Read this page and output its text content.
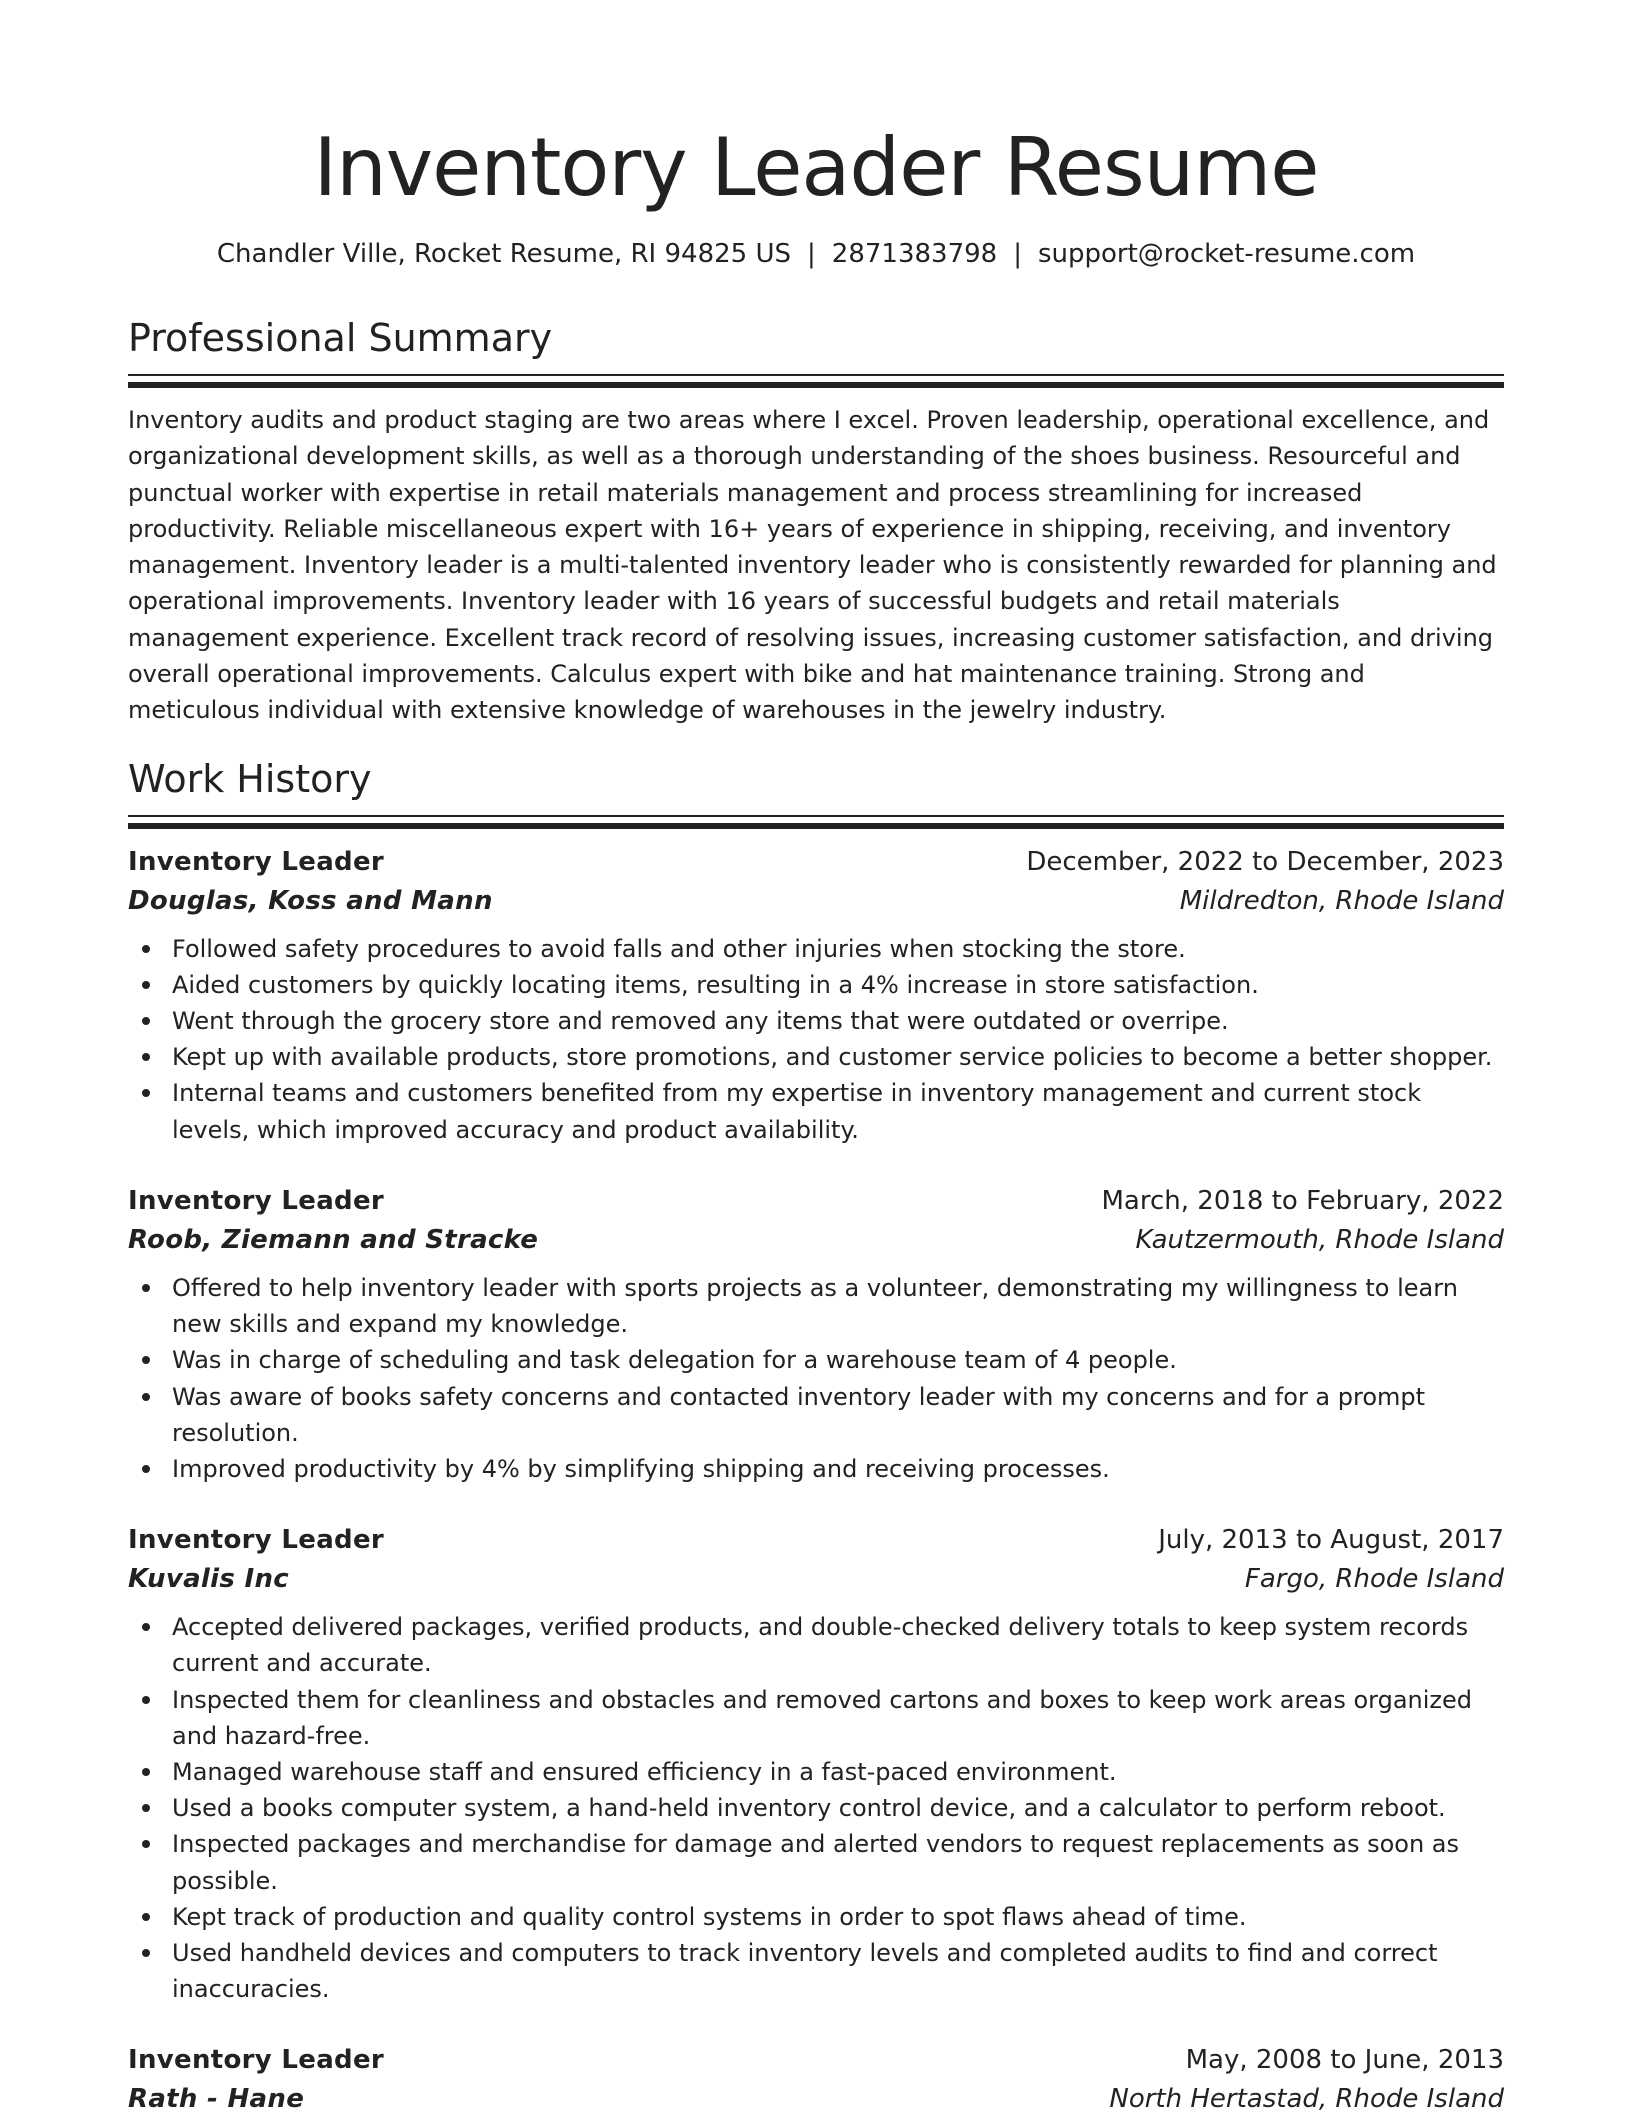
Inventory Leader Resume
Chandler Ville, Rocket Resume, RI 94825 US | 2871383798 | support@rocket-resume.com
Professional Summary

Inventory audits and product staging are two areas where I excel. Proven leadership, operational excellence, and organizational development skills, as well as a thorough understanding of the shoes business. Resourceful and punctual worker with expertise in retail materials management and process streamlining for increased productivity. Reliable miscellaneous expert with 16+ years of experience in shipping, receiving, and inventory management. Inventory leader is a multi-talented inventory leader who is consistently rewarded for planning and operational improvements. Inventory leader with 16 years of successful budgets and retail materials management experience. Excellent track record of resolving issues, increasing customer satisfaction, and driving overall operational improvements. Calculus expert with bike and hat maintenance training. Strong and meticulous individual with extensive knowledge of warehouses in the jewelry industry.

Work History
Inventory Leader	December, 2022 to December, 2023
Douglas, Koss and Mann	Mildredton, Rhode Island
Followed safety procedures to avoid falls and other injuries when stocking the store.
Aided customers by quickly locating items, resulting in a 4% increase in store satisfaction.
Went through the grocery store and removed any items that were outdated or overripe.
Kept up with available products, store promotions, and customer service policies to become a better shopper.
Internal teams and customers benefited from my expertise in inventory management and current stock levels, which improved accuracy and product availability.
Inventory Leader	March, 2018 to February, 2022
Roob, Ziemann and Stracke	Kautzermouth, Rhode Island
Offered to help inventory leader with sports projects as a volunteer, demonstrating my willingness to learn new skills and expand my knowledge.
Was in charge of scheduling and task delegation for a warehouse team of 4 people.
Was aware of books safety concerns and contacted inventory leader with my concerns and for a prompt resolution.
Improved productivity by 4% by simplifying shipping and receiving processes.
Inventory Leader	July, 2013 to August, 2017
Kuvalis Inc	Fargo, Rhode Island
Accepted delivered packages, verified products, and double-checked delivery totals to keep system records current and accurate.
Inspected them for cleanliness and obstacles and removed cartons and boxes to keep work areas organized and hazard-free.
Managed warehouse staff and ensured efficiency in a fast-paced environment.
Used a books computer system, a hand-held inventory control device, and a calculator to perform reboot.
Inspected packages and merchandise for damage and alerted vendors to request replacements as soon as possible.
Kept track of production and quality control systems in order to spot flaws ahead of time.
Used handheld devices and computers to track inventory levels and completed audits to find and correct inaccuracies.
Inventory Leader	May, 2008 to June, 2013
Rath - Hane	North Hertastad, Rhode Island
